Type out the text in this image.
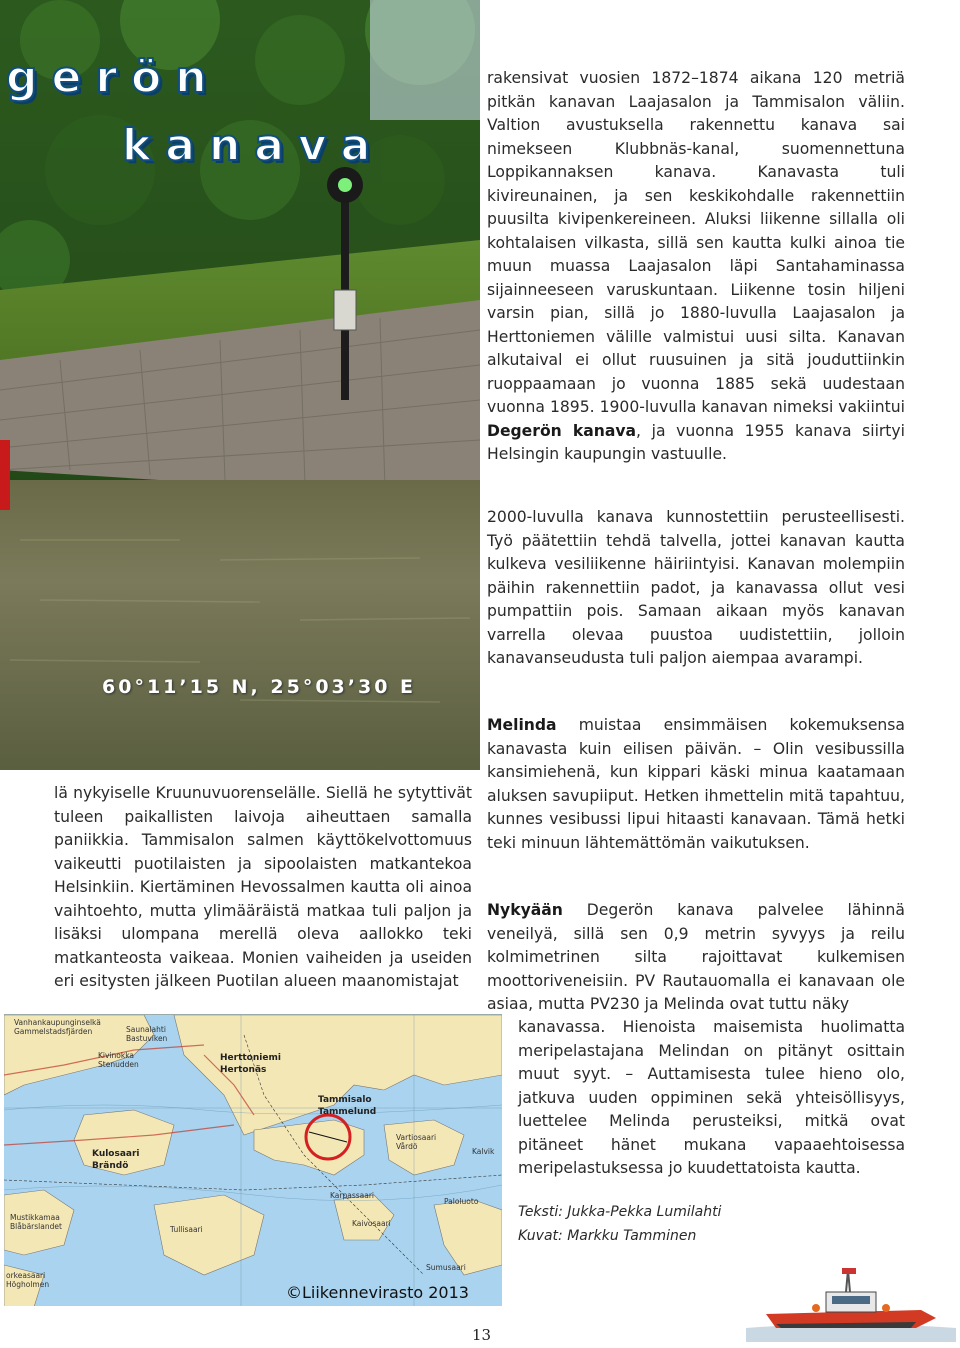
gerön
kanava
60°11’15 N, 25°03’30 E

rakensivat vuosien 1872–1874 aikana 120 metriä pitkän kanavan Laajasalon ja Tammisalon väliin. Valtion avustuksella rakennettu kanava sai nimekseen Klubbnäs-kanal, suomennettuna Loppikannaksen kanava. Kanavasta tuli kivireunainen, ja sen keskikohdalle rakennettiin puusilta kivipenkereineen. Aluksi liikenne sillalla oli kohtalaisen vilkasta, sillä sen kautta kulki ainoa tie muun muassa Laajasalon läpi Santahaminassa sijainneeseen varuskuntaan. Liikenne tosin hiljeni varsin pian, sillä jo 1880-luvulla Laajasalon ja Herttoniemen välille valmistui uusi silta. Kanavan alkutaival ei ollut ruusuinen ja sitä jouduttiinkin ruoppaamaan jo vuonna 1885 sekä uudestaan vuonna 1895. 1900-luvulla kanavan nimeksi vakiintui Degerön kanava, ja vuonna 1955 kanava siirtyi Helsingin kaupungin vastuulle.

2000-luvulla kanava kunnostettiin perusteellisesti. Työ päätettiin tehdä talvella, jottei kanavan kautta kulkeva vesiliikenne häiriintyisi. Kanavan molempiin päihin rakennettiin padot, ja kanavassa ollut vesi pumpattiin pois. Samaan aikaan myös kanavan varrella olevaa puustoa uudistettiin, jolloin kanavanseudusta tuli paljon aiempaa avarampi.

Melinda muistaa ensimmäisen kokemuksensa kanavasta kuin eilisen päivän. – Olin vesibussilla kansimiehenä, kun kippari käski minua kaatamaan aluksen savupiiput. Hetken ihmettelin mitä tapahtuu, kunnes vesibussi lipui hitaasti kanavaan. Tämä hetki teki minuun lähtemättömän vaikutuksen.

Nykyään Degerön kanava palvelee lähinnä veneilyä, sillä sen 0,9 metrin syvyys ja reilu kolmimetrinen silta rajoittavat kulkemisen moottoriveneisiin. PV Rautauomalla ei kanavaan ole asiaa, mutta PV230 ja Melinda ovat tuttu näky

kanavassa. Hienoista maisemista huolimatta meripelastajana Melindan on pitänyt osittain muut syyt. – Auttamisesta tulee hieno olo, jatkuva uuden oppiminen sekä yhteisöllisyys, luettelee Melinda perusteiksi, mitkä ovat pitäneet hänet mukana vapaaehtoisessa meripelastuksessa jo kuudettatoista kautta.

Teksti: Jukka-Pekka Lumilahti
Kuvat: Markku Tamminen

lä nykyiselle Kruunuvuorenselälle. Siellä he sytyttivät tuleen paikallisten laivoja aiheuttaen samalla paniikkia. Tammisalon salmen käyttökelvottomuus vaikeutti puotilaisten ja sipoolaisten matkantekoa Helsinkiin. Kiertäminen Hevossalmen kautta oli ainoa vaihtoehto, mutta ylimääräistä matkaa tuli paljon ja lisäksi ulompana merellä oleva aallokko teki matkanteosta vaikeaa. Monien vaiheiden ja useiden eri esitysten jälkeen Puotilan alueen maanomistajat

Vanhankaupunginselkä
Gammelstadsfjärden	Saunalahti
Bastuviken
Kivinokka
Stenudden
Herttoniemi
Hertonäs
Tammisalo
Tammelund
Kulosaari
Brändö
Vartiosaari
Vårdö
Mustikkamaa
Blåbärslandet	Tullisaari
orkeasaari
Högholmen
Kalvik
Paloluoto
Kaivosaari
Karpassaari
Sumusaari
©Liikennevirasto 2013
13
